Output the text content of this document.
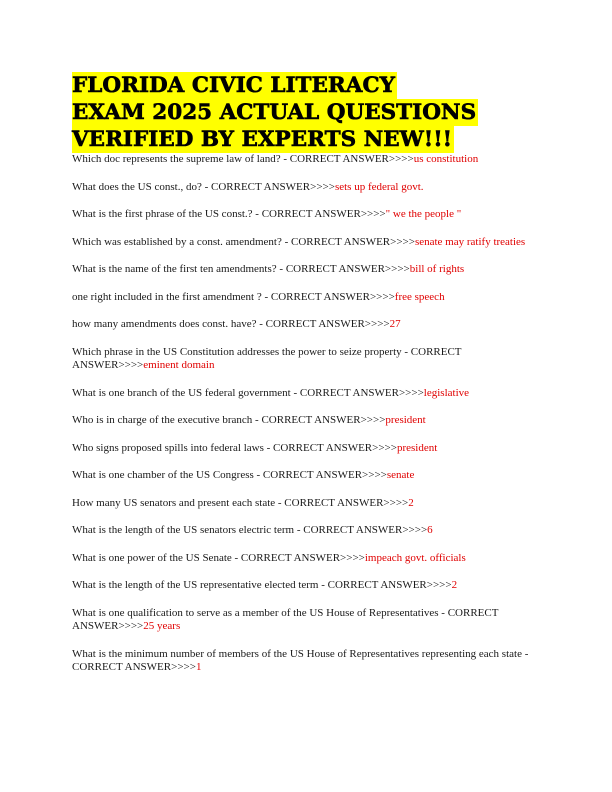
FLORIDA CIVIC LITERACY
EXAM 2025 ACTUAL QUESTIONS
VERIFIED BY EXPERTS NEW!!!

Which doc represents the supreme law of land? - CORRECT ANSWER>>>>us constitution

What does the US const., do? - CORRECT ANSWER>>>>sets up federal govt.

What is the first phrase of the US const.? - CORRECT ANSWER>>>>" we the people "

Which was established by a const. amendment? - CORRECT ANSWER>>>>senate may ratify treaties

What is the name of the first ten amendments? - CORRECT ANSWER>>>>bill of rights

one right included in the first amendment ? - CORRECT ANSWER>>>>free speech

how many amendments does const. have? - CORRECT ANSWER>>>>27

Which phrase in the US Constitution addresses the power to seize property - CORRECT ANSWER>>>>eminent domain

What is one branch of the US federal government - CORRECT ANSWER>>>>legislative

Who is in charge of the executive branch - CORRECT ANSWER>>>>president

Who signs proposed spills into federal laws - CORRECT ANSWER>>>>president

What is one chamber of the US Congress - CORRECT ANSWER>>>>senate

How many US senators and present each state - CORRECT ANSWER>>>>2

What is the length of the US senators electric term - CORRECT ANSWER>>>>6

What is one power of the US Senate - CORRECT ANSWER>>>>impeach govt. officials

What is the length of the US representative elected term - CORRECT ANSWER>>>>2

What is one qualification to serve as a member of the US House of Representatives - CORRECT ANSWER>>>>25 years

What is the minimum number of members of the US House of Representatives representing each state - CORRECT ANSWER>>>>1
